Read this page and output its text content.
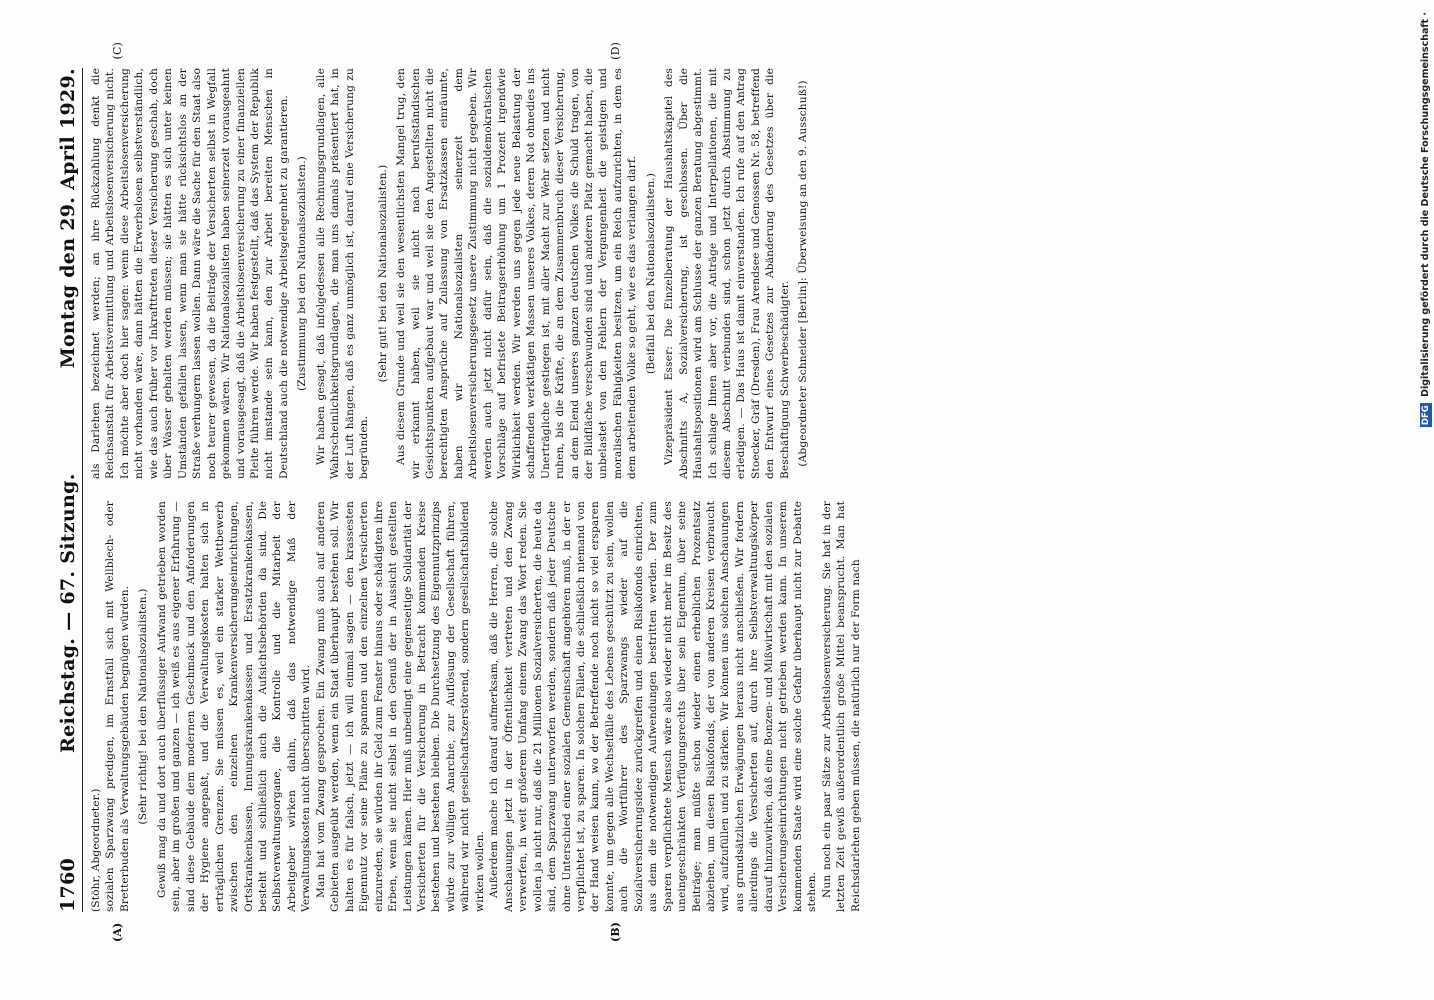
1760
Reichstag. — 67. Sitzung.
Montag den 29. April 1929.
(A)	(B)

(Stöhr, Abgeordneter.) sozialen Sparzwang predigen, im Ernstfall sich mit Wellblech- oder Bretterbuden als Verwaltungsgebäuden begnügen würden. (Sehr richtig! bei den Nationalsozialisten.) Gewiß mag da und dort auch überflüssiger Aufwand getrieben worden sein, aber im großen und ganzen — ich weiß es aus eigener Erfahrung — sind diese Gebäude dem modernen Geschmack und den Anforderungen der Hygiene angepaßt, und die Verwaltungskosten halten sich in erträglichen Grenzen. Sie müssen es, weil ein starker Wettbewerb zwischen den einzelnen Krankenversicherungseinrichtungen, Ortskrankenkassen, Innungskrankenkassen und Ersatzkrankenkassen, besteht und schließlich auch die Aufsichtsbehörden da sind. Die Selbstverwaltungsorgane, die Kontrolle und die Mitarbeit der Arbeitgeber wirken dahin, daß das notwendige Maß der Verwaltungskosten nicht überschritten wird. Man hat vom Zwang gesprochen. Ein Zwang muß auch auf anderen Gebieten ausgeübt werden, wenn ein Staat überhaupt bestehen soll. Wir halten es für falsch, jetzt — ich will einmal sagen — den krassesten Eigennutz vor seine Pläne zu spannen und den einzelnen Versicherten einzureden, sie würden ihr Geld zum Fenster hinaus oder schädigten ihre Erben, wenn sie nicht selbst in den Genuß der in Aussicht gestellten Leistungen kämen. Hier muß unbedingt eine gegenseitige Solidarität der Versicherten für die Versicherung in Betracht kommenden Kreise bestehen und bestehen bleiben. Die Durchsetzung des Eigennutzprinzips würde zur völligen Anarchie, zur Auflösung der Gesellschaft führen, während wir nicht gesellschaftszerstörend, sondern gesellschaftsbildend wirken wollen. Außerdem mache ich darauf aufmerksam, daß die Herren, die solche Anschauungen jetzt in der Öffentlichkeit vertreten und den Zwang verwerfen, in weit größerem Umfang einem Zwang das Wort reden. Sie wollen ja nicht nur, daß die 21 Millionen Sozialversicherten, die heute da sind, dem Sparzwang unterworfen werden, sondern daß jeder Deutsche ohne Unterschied einer sozialen Gemeinschaft angehören muß, in der er verpflichtet ist, zu sparen. In solchen Fällen, die schließlich niemand von der Hand weisen kann, wo der Betreffende noch nicht so viel ersparen konnte, um gegen alle Wechselfälle des Lebens geschützt zu sein, wollen auch die Wortführer des Sparzwangs wieder auf die Sozialversicherungsidee zurückgreifen und einen Risikofonds einrichten, aus dem die notwendigen Aufwendungen bestritten werden. Der zum Sparen verpflichtete Mensch wäre also wieder nicht mehr im Besitz des uneingeschränkten Verfügungsrechts über sein Eigentum, über seine Beiträge; man müßte schon wieder einen erheblichen Prozentsatz abziehen, um diesen Risikofonds, der von anderen Kreisen verbraucht wird, aufzufüllen und zu stärken. Wir können uns solchen Anschauungen aus grundsätzlichen Erwägungen heraus nicht anschließen. Wir fordern allerdings die Versicherten auf, durch ihre Selbstverwaltungskörper darauf hinzuwirken, daß eine Bonzen- und Mißwirtschaft mit den sozialen Versicherungseinrichtungen nicht getrieben werden kann. In unserem kommenden Staate wird eine solche Gefahr überhaupt nicht zur Debatte stehen. Nun noch ein paar Sätze zur Arbeitslosenversicherung. Sie hat in der letzten Zeit gewiß außerordentlich große Mittel beansprucht. Man hat Reichsdarlehen geben müssen, die natürlich nur der Form nach

(C)	(D)

als Darlehen bezeichnet werden; an ihre Rückzahlung denkt die Reichsanstalt für Arbeitsvermittlung und Arbeitslosenversicherung nicht. Ich möchte aber doch hier sagen: wenn diese Arbeitslosenversicherung nicht vorhanden wäre, dann hätten die Erwerbslosen selbstverständlich, wie das auch früher vor Inkrafttreten dieser Versicherung geschah, doch über Wasser gehalten werden müssen; sie hätten es sich unter keinen Umständen gefallen lassen, wenn man sie hätte rücksichtslos an der Straße verhungern lassen wollen. Dann wäre die Sache für den Staat also noch teurer gewesen, da die Beiträge der Versicherten selbst in Wegfall gekommen wären. Wir Nationalsozialisten haben seinerzeit vorausgeahnt und vorausgesagt, daß die Arbeitslosenversicherung zu einer finanziellen Pleite führen werde. Wir haben festgestellt, daß das System der Republik nicht imstande sein kann, den zur Arbeit bereiten Menschen in Deutschland auch die notwendige Arbeitsgelegenheit zu garantieren. (Zustimmung bei den Nationalsozialisten.) Wir haben gesagt, daß infolgedessen alle Rechnungsgrundlagen, alle Wahrscheinlichkeitsgrundlagen, die man uns damals präsentiert hat, in der Luft hängen, daß es ganz unmöglich ist, darauf eine Versicherung zu begründen.

(Sehr gut! bei den Nationalsozialisten.) Aus diesem Grunde und weil sie den wesentlichsten Mangel trug, den wir erkannt haben, weil sie nicht nach berufsständischen Gesichtspunkten aufgebaut war und weil sie den Angestellten nicht die berechtigten Ansprüche auf Zulassung von Ersatzkassen einräumte, haben wir Nationalsozialisten seinerzeit dem Arbeitslosenversicherungsgesetz unsere Zustimmung nicht gegeben. Wir werden auch jetzt nicht dafür sein, daß die sozialdemokratischen Vorschläge auf befristete Beitragserhöhung um 1 Prozent irgendwie Wirklichkeit werden. Wir werden uns gegen jede neue Belastung der schaffenden werktätigen Massen unseres Volkes, deren Not ohnedies ins Unerträgliche gestiegen ist, mit aller Macht zur Wehr setzen und nicht ruhen, bis die Kräfte, die an dem Zusammenbruch dieser Versicherung, an dem Elend unseres ganzen deutschen Volkes die Schuld tragen, von der Bildfläche verschwunden sind und anderen Platz gemacht haben, die unbelastet von den Fehlern der Vergangenheit die geistigen und moralischen Fähigkeiten besitzen, um ein Reich aufzurichten, in dem es dem arbeitenden Volke so geht, wie es das verlangen darf. (Beifall bei den Nationalsozialisten.) Vizepräsident Esser: Die Einzelberatung der Haushaltskapitel des Abschnitts A, Sozialversicherung, ist geschlossen. Über die Haushaltspositionen wird am Schlusse der ganzen Beratung abgestimmt. Ich schlage Ihnen aber vor, die Anträge und Interpellationen, die mit diesem Abschnitt verbunden sind, schon jetzt durch Abstimmung zu erledigen. — Das Haus ist damit einverstanden. Ich rufe auf den Antrag Stoecker, Gräf (Dresden), Frau Arendsee und Genossen Nr. 58, betreffend den Entwurf eines Gesetzes zur Abänderung des Gesetzes über die Beschäftigung Schwerbeschädigter. (Abgeordneter Schneider [Berlin]: Überweisung an den 9. Ausschuß!)	DFG Digitalisierung gefördert durch die Deutsche Forschungsgemeinschaft ·
